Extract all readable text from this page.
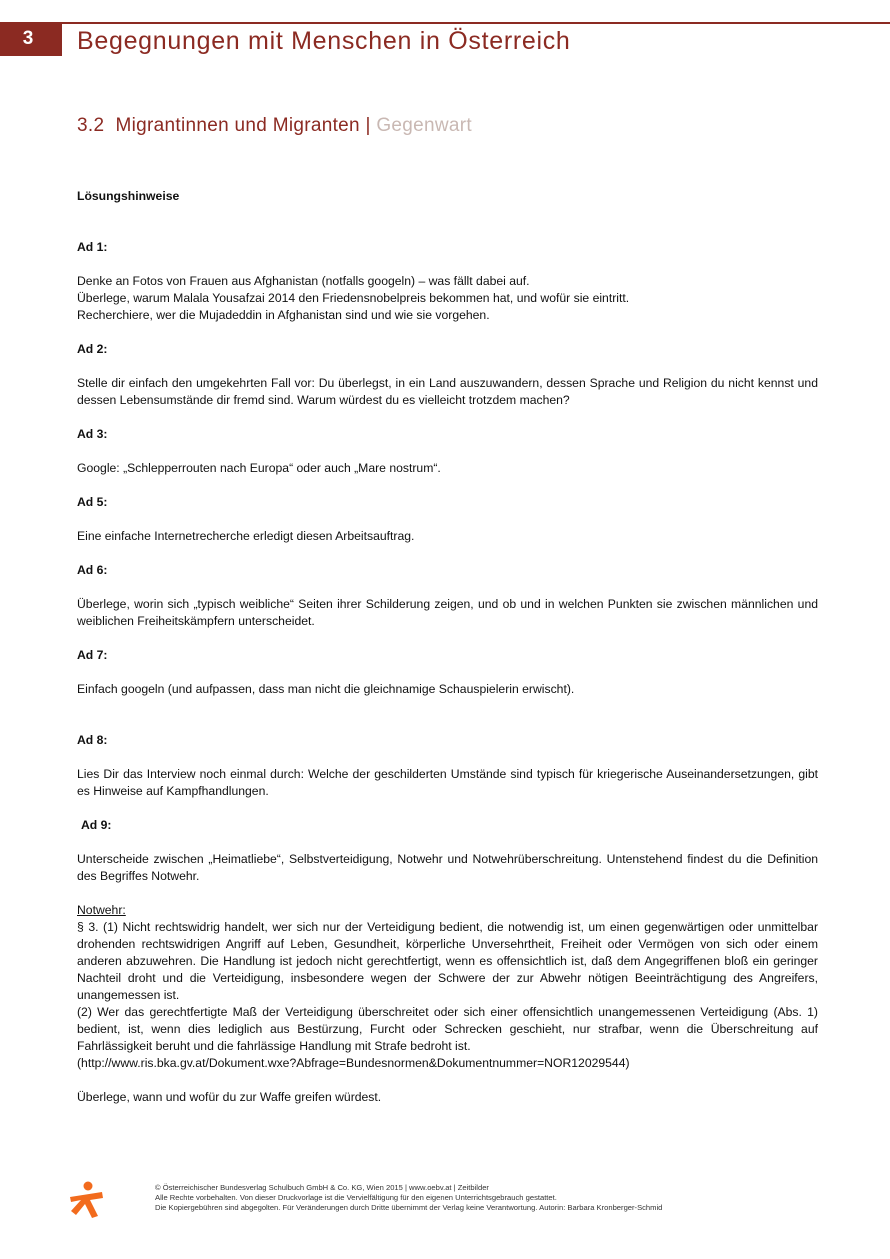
3 Begegnungen mit Menschen in Österreich
3.2 Migrantinnen und Migranten | Gegenwart

Lösungshinweise

Ad 1:

Denke an Fotos von Frauen aus Afghanistan (notfalls googeln) – was fällt dabei auf.

Überlege, warum Malala Yousafzai 2014 den Friedensnobelpreis bekommen hat, und wofür sie eintritt.

Recherchiere, wer die Mujadeddin in Afghanistan sind und wie sie vorgehen.

Ad 2:

Stelle dir einfach den umgekehrten Fall vor: Du überlegst, in ein Land auszuwandern, dessen Sprache und Religion du nicht kennst und dessen Lebensumstände dir fremd sind. Warum würdest du es vielleicht trotzdem machen?

Ad 3:

Google: „Schlepperrouten nach Europa“ oder auch „Mare nostrum“.

Ad 5:

Eine einfache Internetrecherche erledigt diesen Arbeitsauftrag.

Ad 6:

Überlege, worin sich „typisch weibliche“ Seiten ihrer Schilderung zeigen, und ob und in welchen Punkten sie zwischen männlichen und weiblichen Freiheitskämpfern unterscheidet.

Ad 7:

Einfach googeln (und aufpassen, dass man nicht die gleichnamige Schauspielerin erwischt).

Ad 8:

Lies Dir das Interview noch einmal durch: Welche der geschilderten Umstände sind typisch für kriegerische Auseinandersetzungen, gibt es Hinweise auf Kampfhandlungen.

Ad 9:

Unterscheide zwischen „Heimatliebe“, Selbstverteidigung, Notwehr und Notwehrüberschreitung. Untenstehend findest du die Definition des Begriffes Notwehr.

Notwehr:

§ 3. (1) Nicht rechtswidrig handelt, wer sich nur der Verteidigung bedient, die notwendig ist, um einen gegenwärtigen oder unmittelbar drohenden rechtswidrigen Angriff auf Leben, Gesundheit, körperliche Unversehrtheit, Freiheit oder Vermögen von sich oder einem anderen abzuwehren. Die Handlung ist jedoch nicht gerechtfertigt, wenn es offensichtlich ist, daß dem Angegriffenen bloß ein geringer Nachteil droht und die Verteidigung, insbesondere wegen der Schwere der zur Abwehr nötigen Beeinträchtigung des Angreifers, unangemessen ist.

(2) Wer das gerechtfertigte Maß der Verteidigung überschreitet oder sich einer offensichtlich unangemessenen Verteidigung (Abs. 1) bedient, ist, wenn dies lediglich aus Bestürzung, Furcht oder Schrecken geschieht, nur strafbar, wenn die Überschreitung auf Fahrlässigkeit beruht und die fahrlässige Handlung mit Strafe bedroht ist.

(http://www.ris.bka.gv.at/Dokument.wxe?Abfrage=Bundesnormen&Dokumentnummer=NOR12029544)

Überlege, wann und wofür du zur Waffe greifen würdest.

© Österreichischer Bundesverlag Schulbuch GmbH & Co. KG, Wien 2015 | www.oebv.at | Zeitbilder
Alle Rechte vorbehalten. Von dieser Druckvorlage ist die Vervielfältigung für den eigenen Unterrichtsgebrauch gestattet.
Die Kopiergebühren sind abgegolten. Für Veränderungen durch Dritte übernimmt der Verlag keine Verantwortung. Autorin: Barbara Kronberger-Schmid
